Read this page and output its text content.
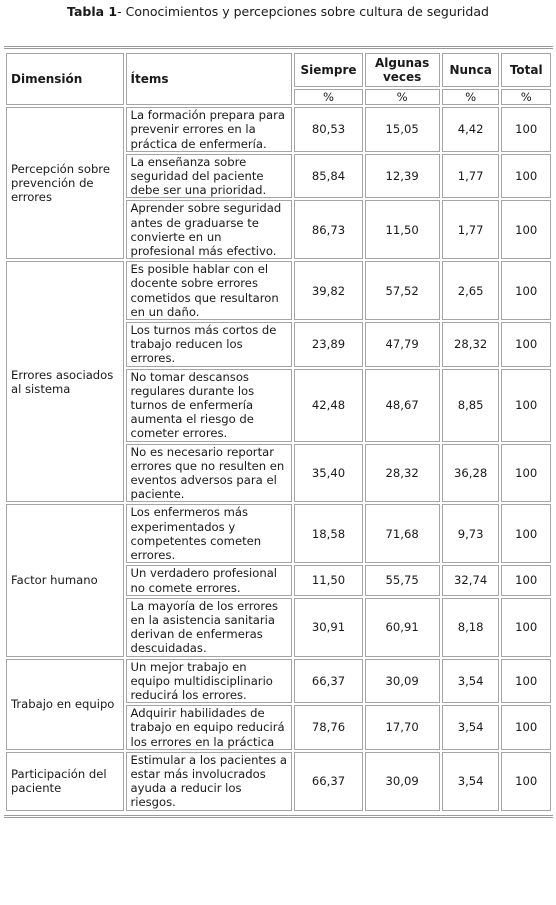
Tabla 1- Conocimientos y percepciones sobre cultura de seguridad
Dimensión	Ítems	Siempre	Algunas veces	Nunca	Total
		%	%	%	%
Percepción sobre prevención de errores	La formación prepara para prevenir errores en la práctica de enfermería.	80,53	15,05	4,42	100
	La enseñanza sobre seguridad del paciente debe ser una prioridad.	85,84	12,39	1,77	100
	Aprender sobre seguridad antes de graduarse te convierte en un profesional más efectivo.	86,73	11,50	1,77	100
Errores asociados al sistema	Es posible hablar con el docente sobre errores cometidos que resultaron en un daño.	39,82	57,52	2,65	100
	Los turnos más cortos de trabajo reducen los errores.	23,89	47,79	28,32	100
	No tomar descansos regulares durante los turnos de enfermería aumenta el riesgo de cometer errores.	42,48	48,67	8,85	100
	No es necesario reportar errores que no resulten en eventos adversos para el paciente.	35,40	28,32	36,28	100
Factor humano	Los enfermeros más experimentados y competentes cometen errores.	18,58	71,68	9,73	100
	Un verdadero profesional no comete errores.	11,50	55,75	32,74	100
	La mayoría de los errores en la asistencia sanitaria derivan de enfermeras descuidadas.	30,91	60,91	8,18	100
Trabajo en equipo	Un mejor trabajo en equipo multidisciplinario reducirá los errores.	66,37	30,09	3,54	100
	Adquirir habilidades de trabajo en equipo reducirá los errores en la práctica	78,76	17,70	3,54	100
Participación del paciente	Estimular a los pacientes a estar más involucrados ayuda a reducir los riesgos.	66,37	30,09	3,54	100
